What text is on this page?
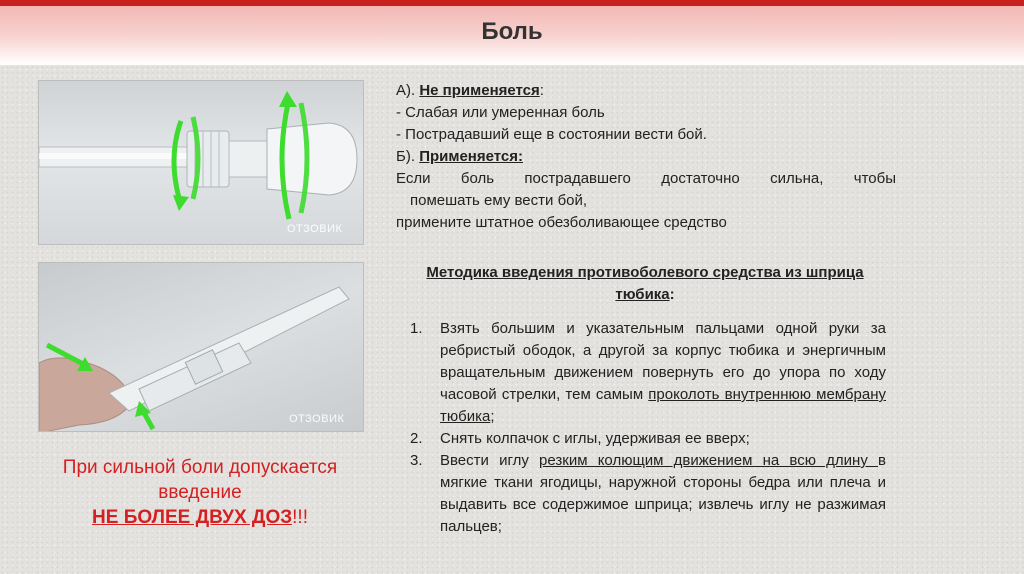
Боль
ОТЗОВИК
ОТЗОВИК
При сильной боли допускается
введение
НЕ БОЛЕЕ ДВУХ ДОЗ!!!
А). Не применяется:
- Слабая или умеренная боль
- Пострадавший еще в состоянии вести бой.
Б). Применяется:
Если боль пострадавшего достаточно сильна, чтобы
помешать ему вести бой,
примените штатное обезболивающее средство
Методика введения противоболевого средства из шприца тюбика:
1.	Взять большим и указательным пальцами одной руки за ребристый ободок, а другой за корпус тюбика и энергичным вращательным движением повернуть его до упора по ходу часовой стрелки, тем самым проколоть внутреннюю мембрану тюбика;
2.	Снять колпачок с иглы, удерживая ее вверх;
3.	Ввести иглу резким колющим движением на всю длину в мягкие ткани ягодицы, наружной стороны бедра или плеча и выдавить все содержимое шприца; извлечь иглу не разжимая пальцев;
